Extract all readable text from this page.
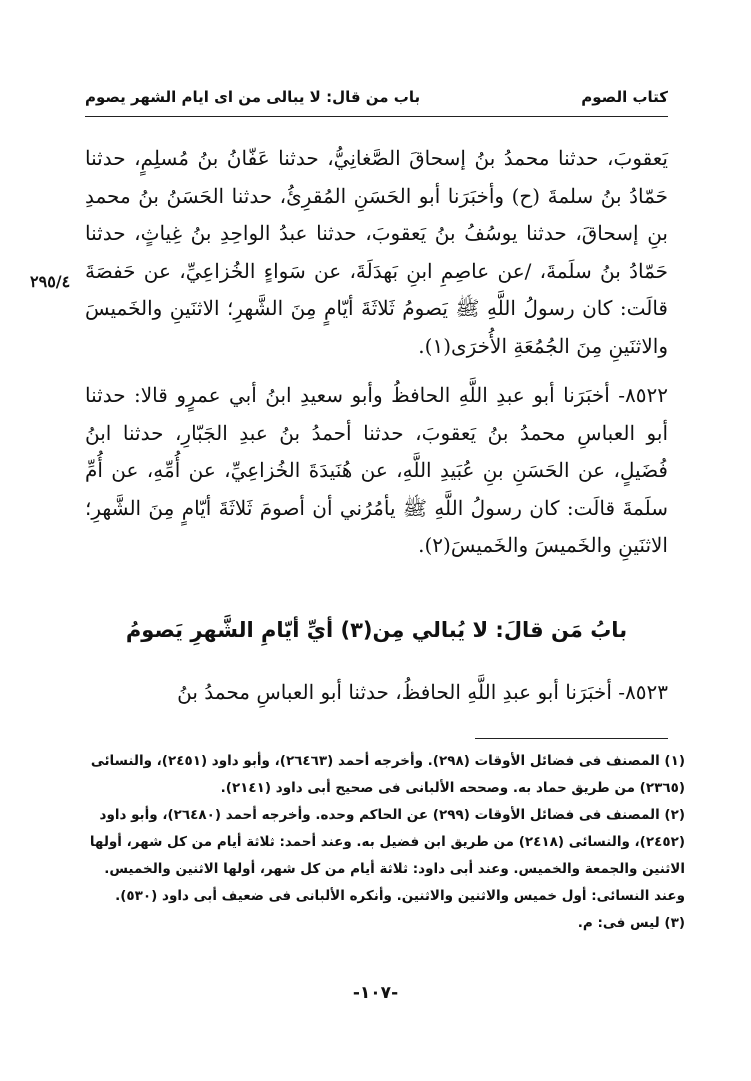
كتاب الصوم
باب من قال: لا يبالى من اى ايام الشهر يصوم
٢٩٥/٤

يَعقوبَ، حدثنا محمدُ بنُ إسحاقَ الصَّغانِيُّ، حدثنا عَفّانُ بنُ مُسلِمٍ، حدثنا حَمّادُ بنُ سلمةَ (ح) وأخبَرَنا أبو الحَسَنِ المُقرِئُ، حدثنا الحَسَنُ بنُ محمدِ بنِ إسحاقَ، حدثنا يوسُفُ بنُ يَعقوبَ، حدثنا عبدُ الواحِدِ بنُ غِياثٍ، حدثنا حَمّادُ بنُ سلَمةَ، /عن عاصِمِ ابنِ بَهدَلَةَ، عن سَواءٍ الخُزاعِيِّ، عن حَفصَةَ قالَت: كان رسولُ اللَّهِ ﷺ يَصومُ ثَلاثَةَ أيّامٍ مِنَ الشَّهرِ؛ الاثنَينِ والخَميسَ والاثنَينِ مِنَ الجُمُعَةِ الأُخرَى(١).

٨٥٢٢- أخبَرَنا أبو عبدِ اللَّهِ الحافظُ وأبو سعيدِ ابنُ أبي عمرٍو قالا: حدثنا أبو العباسِ محمدُ بنُ يَعقوبَ، حدثنا أحمدُ بنُ عبدِ الجَبّارِ، حدثنا ابنُ فُضَيلٍ، عن الحَسَنِ بنِ عُبَيدِ اللَّهِ، عن هُنَيدَةَ الخُزاعِيِّ، عن أُمِّهِ، عن أُمِّ سلَمةَ قالَت: كان رسولُ اللَّهِ ﷺ يأمُرُني أن أصومَ ثَلاثَةَ أيّامٍ مِنَ الشَّهرِ؛ الاثنَينِ والخَميسَ والخَميسَ(٢).

بابُ مَن قالَ: لا يُبالي مِن(٣) أيِّ أيّامِ الشَّهرِ يَصومُ
٨٥٢٣- أخبَرَنا أبو عبدِ اللَّهِ الحافظُ، حدثنا أبو العباسِ محمدُ بنُ

(١) المصنف فى فضائل الأوقات (٢٩٨). وأخرجه أحمد (٢٦٤٦٣)، وأبو داود (٢٤٥١)، والنسائى (٢٣٦٥) من طريق حماد به. وصححه الألبانى فى صحيح أبى داود (٢١٤١).

(٢) المصنف فى فضائل الأوقات (٢٩٩) عن الحاكم وحده. وأخرجه أحمد (٢٦٤٨٠)، وأبو داود (٢٤٥٢)، والنسائى (٢٤١٨) من طريق ابن فضيل به. وعند أحمد: ثلاثة أيام من كل شهر، أولها الاثنين والجمعة والخميس. وعند أبى داود: ثلاثة أيام من كل شهر، أولها الاثنين والخميس. وعند النسائى: أول خميس والاثنين والاثنين. وأنكره الألبانى فى ضعيف أبى داود (٥٣٠).

(٣) ليس فى: م.

-١٠٧-
